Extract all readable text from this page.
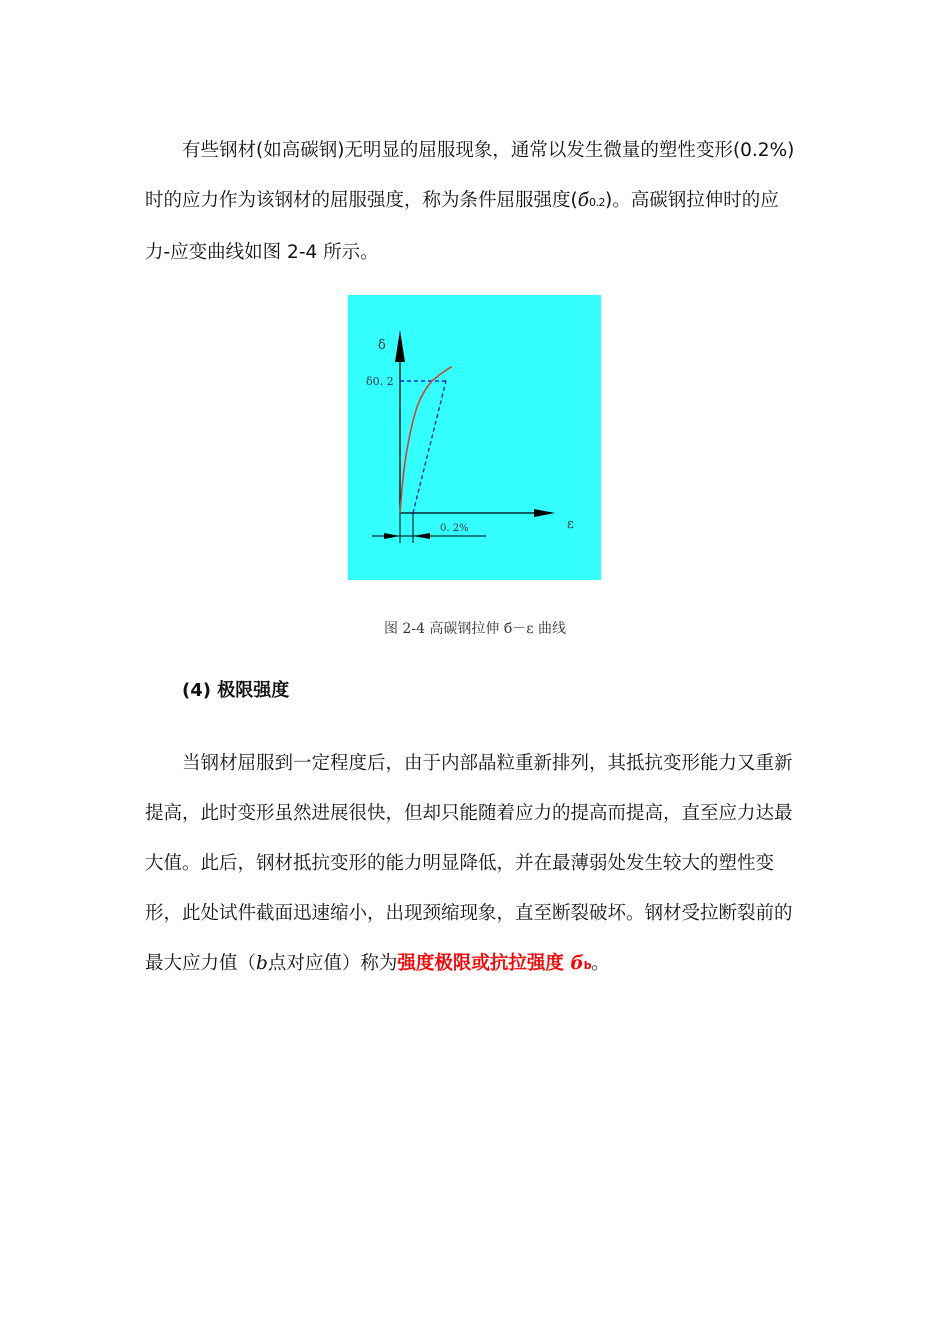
有些钢材(如高碳钢)无明显的屈服现象，通常以发生微量的塑性变形(0.2%)时的应力作为该钢材的屈服强度，称为条件屈服强度(б0.2)。高碳钢拉伸时的应力-应变曲线如图 2-4 所示。

δ
ε
δ0. 2
0. 2%

图 2-4 高碳钢拉伸 б－ε 曲线

(4) 极限强度

当钢材屈服到一定程度后，由于内部晶粒重新排列，其抵抗变形能力又重新提高，此时变形虽然进展很快，但却只能随着应力的提高而提高，直至应力达最大值。此后，钢材抵抗变形的能力明显降低，并在最薄弱处发生较大的塑性变形，此处试件截面迅速缩小，出现颈缩现象，直至断裂破坏。钢材受拉断裂前的最大应力值（b点对应值）称为强度极限或抗拉强度 бb。
